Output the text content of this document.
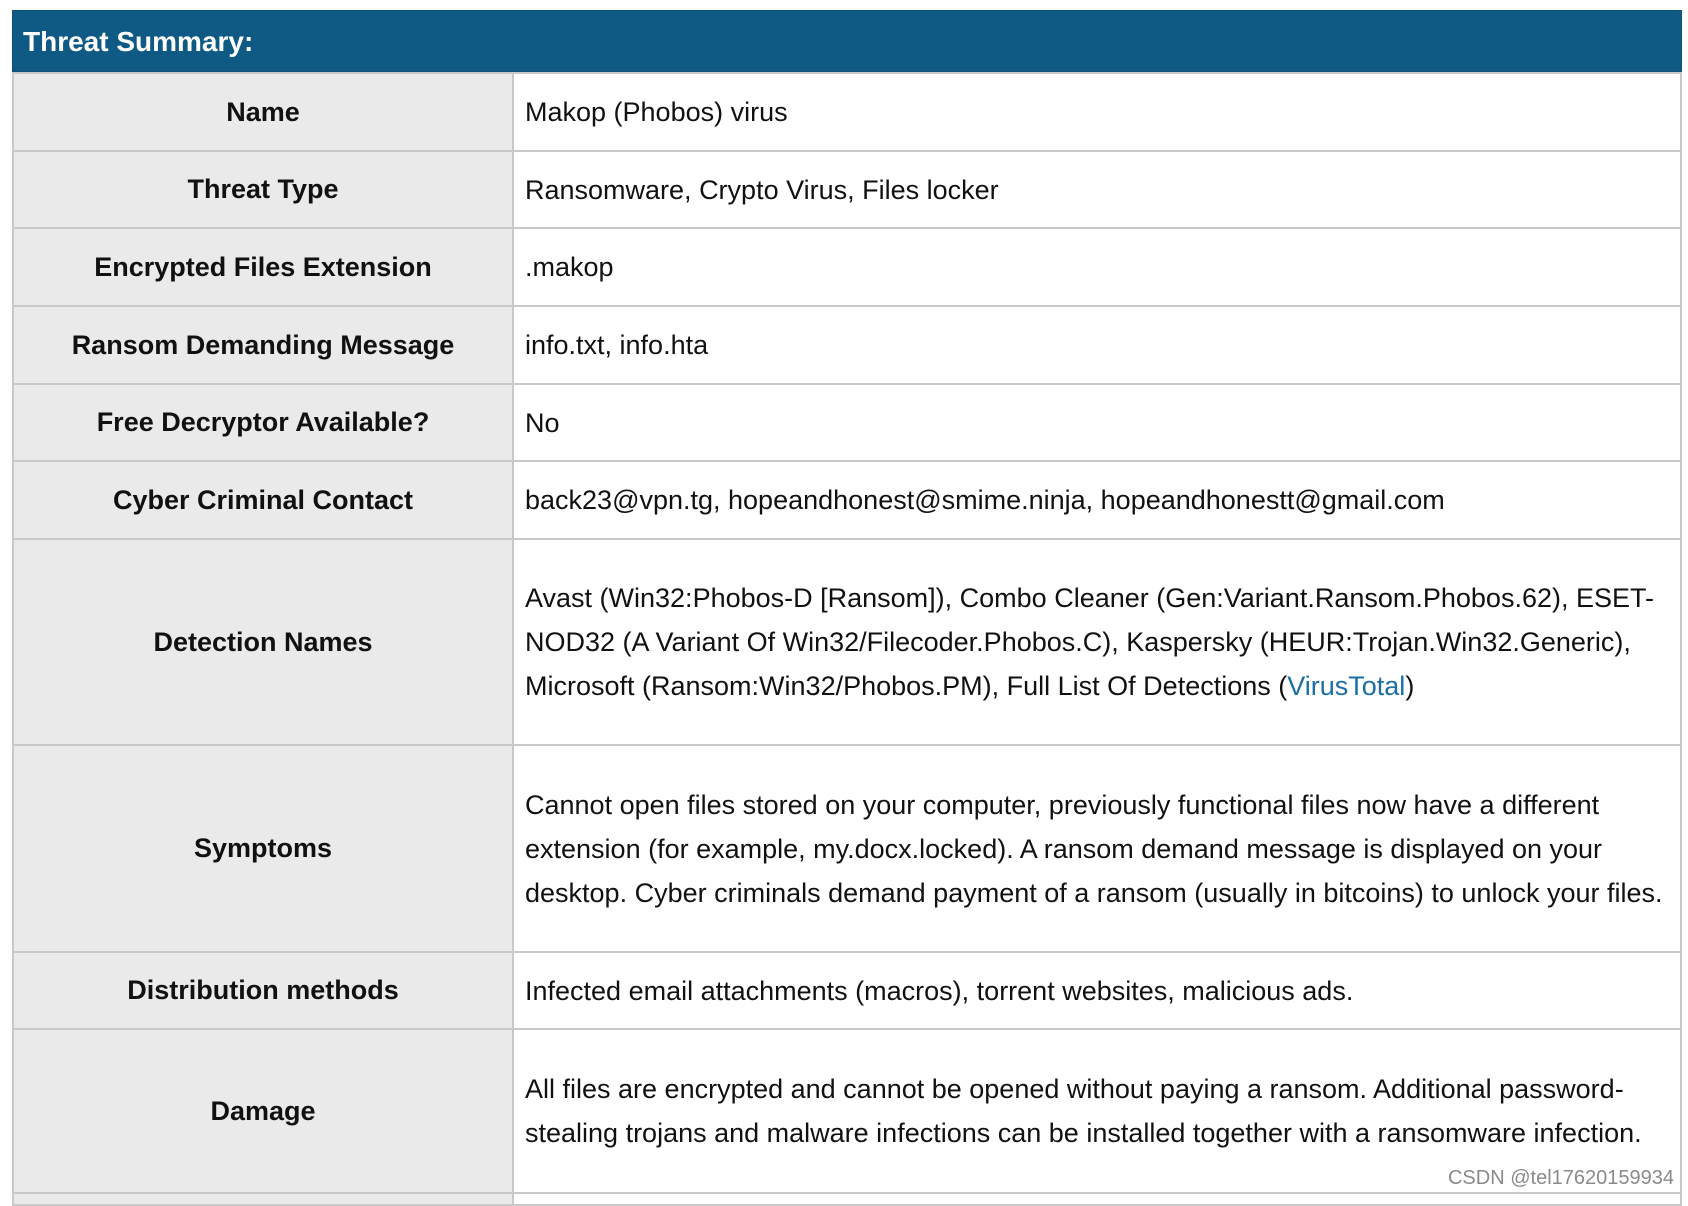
Threat Summary:
Name	Makop (Phobos) virus
Threat Type	Ransomware, Crypto Virus, Files locker
Encrypted Files Extension	.makop
Ransom Demanding Message	info.txt, info.hta
Free Decryptor Available?	No
Cyber Criminal Contact	back23@vpn.tg, hopeandhonest@smime.ninja, hopeandhonestt@gmail.com
Detection Names	Avast (Win32:Phobos-D [Ransom]), Combo Cleaner (Gen:Variant.Ransom.Phobos.62), ESET-NOD32 (A Variant Of Win32/Filecoder.Phobos.C), Kaspersky (HEUR:Trojan.Win32.Generic), Microsoft (Ransom:Win32/Phobos.PM), Full List Of Detections (VirusTotal)
Symptoms	Cannot open files stored on your computer, previously functional files now have a different extension (for example, my.docx.locked). A ransom demand message is displayed on your desktop. Cyber criminals demand payment of a ransom (usually in bitcoins) to unlock your files.
Distribution methods	Infected email attachments (macros), torrent websites, malicious ads.
Damage	All files are encrypted and cannot be opened without paying a ransom. Additional password-stealing trojans and malware infections can be installed together with a ransomware infection.

CSDN @tel17620159934
